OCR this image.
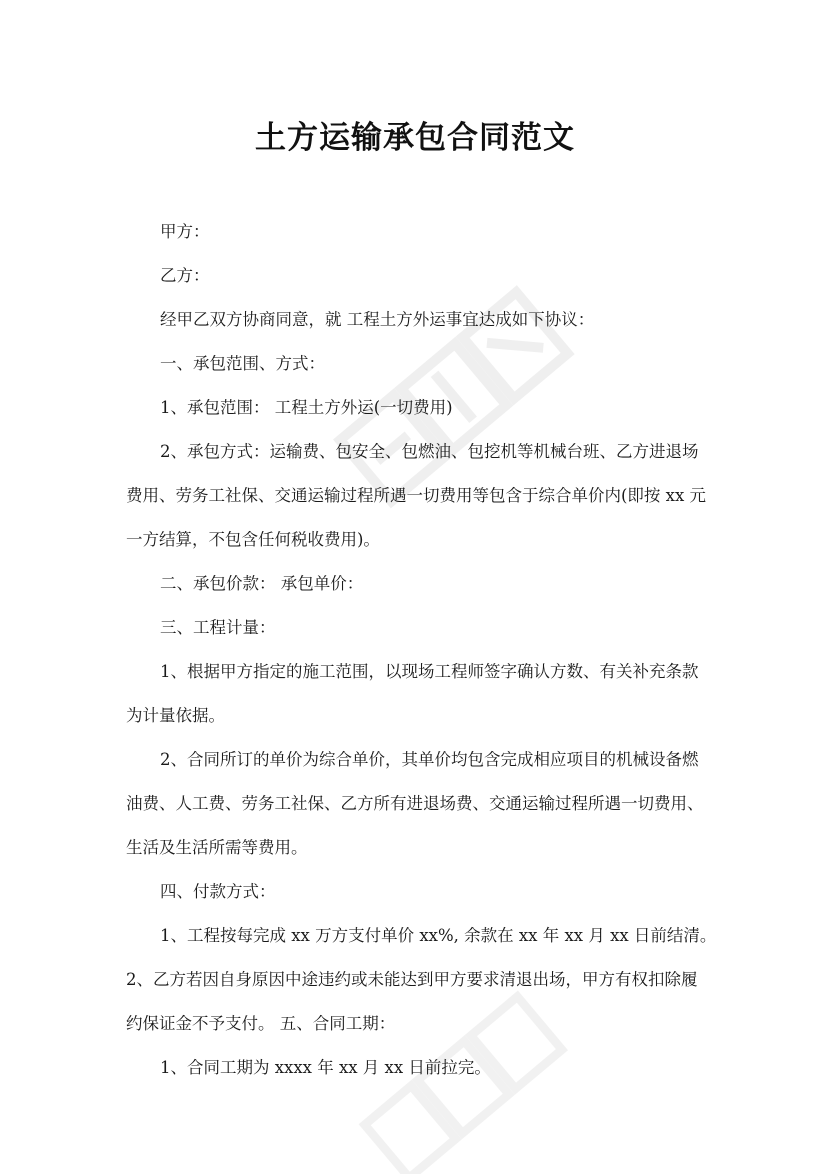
土方运输承包合同范文
甲方：
乙方：
经甲乙双方协商同意，就 工程土方外运事宜达成如下协议：
一、承包范围、方式：
1、承包范围： 工程土方外运(一切费用)
2、承包方式：运输费、包安全、包燃油、包挖机等机械台班、乙方进退场
费用、劳务工社保、交通运输过程所遇一切费用等包含于综合单价内(即按 xx 元
一方结算，不包含任何税收费用)。
二、承包价款： 承包单价：
三、工程计量：
1、根据甲方指定的施工范围，以现场工程师签字确认方数、有关补充条款
为计量依据。
2、合同所订的单价为综合单价，其单价均包含完成相应项目的机械设备燃
油费、人工费、劳务工社保、乙方所有进退场费、交通运输过程所遇一切费用、
生活及生活所需等费用。
四、付款方式：
1、工程按每完成 xx 万方支付单价 xx%, 余款在 xx 年 xx 月 xx 日前结清。
2、乙方若因自身原因中途违约或未能达到甲方要求清退出场，甲方有权扣除履
约保证金不予支付。 五、合同工期：
1、合同工期为 xxxx 年 xx 月 xx 日前拉完。
